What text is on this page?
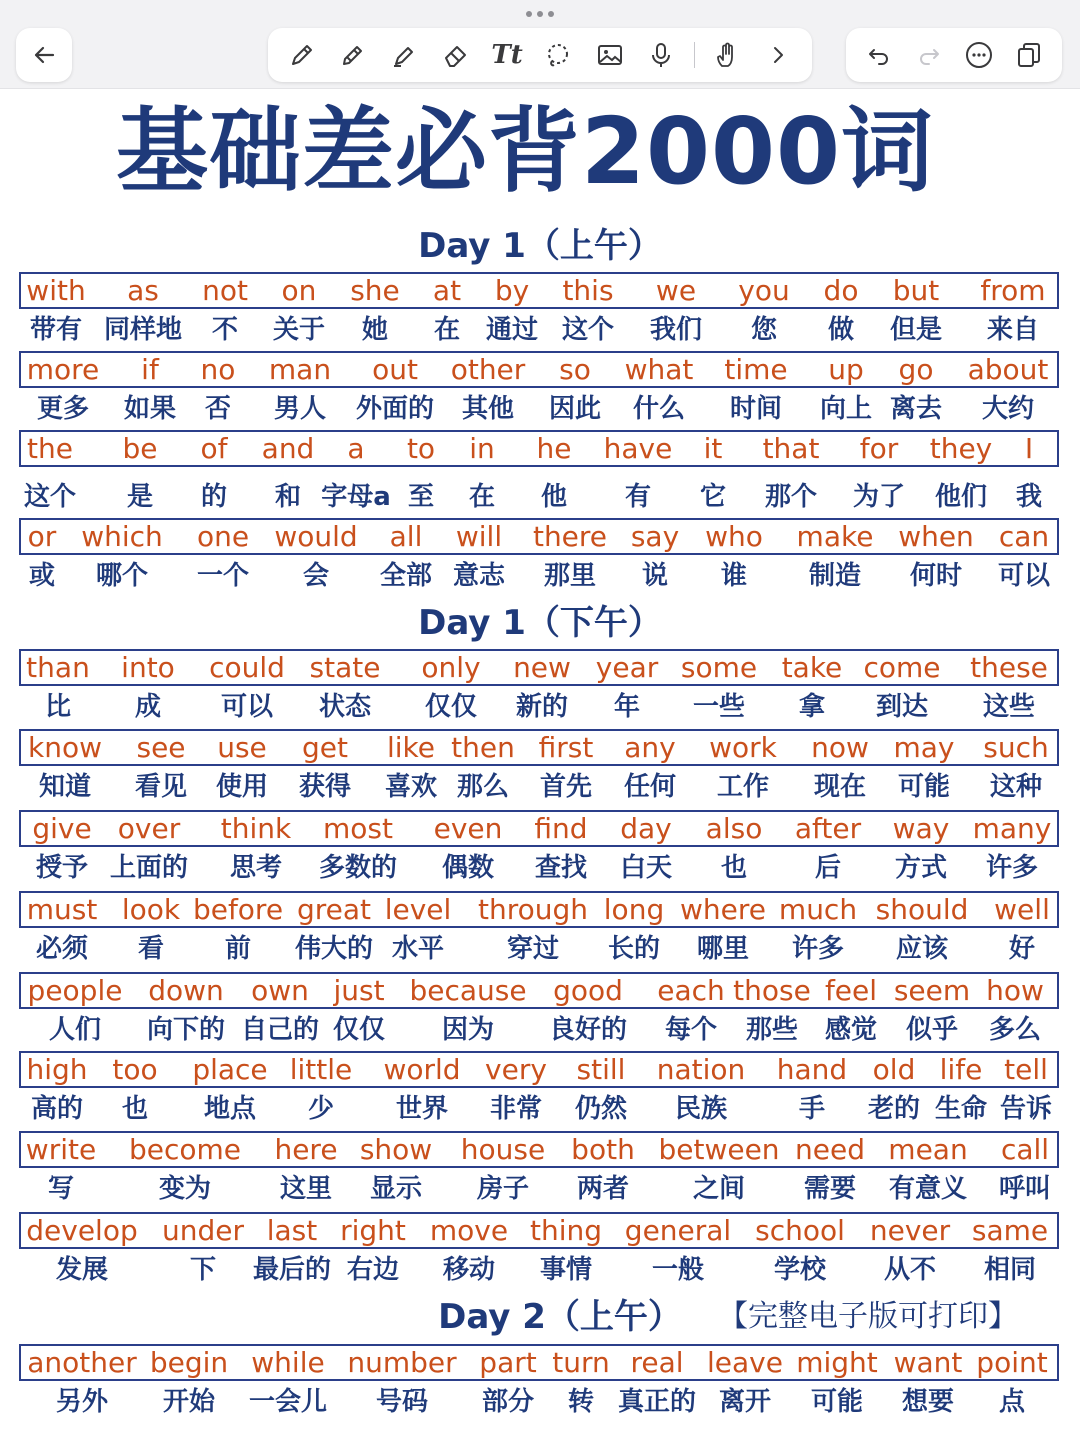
Tt
基础差必背2000词
Day 1（上午）
Day 1（下午）
Day 2（上午）	【完整电子版可打印】
with as not on she at by this we you do but from
带有 同样地 不 关于 她 在 通过 这个 我们 您 做 但是 来自
more if no man out other so what time up go about
更多 如果 否 男人 外面的 其他 因此 什么 时间 向上 离去 大约
the be of and a to in he have it that for they I
这个 是 的 和 字母a 至 在 他 有 它 那个 为了 他们 我
or which one would all will there say who make when can
或 哪个 一个 会 全部 意志 那里 说 谁 制造 何时 可以
than into could state only new year some take come these
比 成 可以 状态 仅仅 新的 年 一些 拿 到达 这些
know see use get like then first any work now may such
知道 看见 使用 获得 喜欢 那么 首先 任何 工作 现在 可能 这种
give over think most even find day also after way many
授予 上面的 思考 多数的 偶数 查找 白天 也	后 方式 许多
must look before great level through long where much should well
必须 看 前 伟大的 水平 穿过 长的 哪里 许多 应该 好
people down own just because good each those feel seem how
人们 向下的 自己的 仅仅 因为 良好的 每个 那些 感觉 似乎 多么
high too place little world very still nation hand old life tell
高的 也 地点 少 世界 非常 仍然 民族	手 老的 生命 告诉
write become here show house both between need mean call
写	变为	这里 显示 房子 两者 之间 需要 有意义 呼叫
develop under last right move thing general school never same
发展	下 最后的 右边 移动 事情 一般	学校 从不 相同
another begin while number part turn real leave might want point
另外 开始 一会儿 号码 部分 转 真正的 离开 可能 想要 点
